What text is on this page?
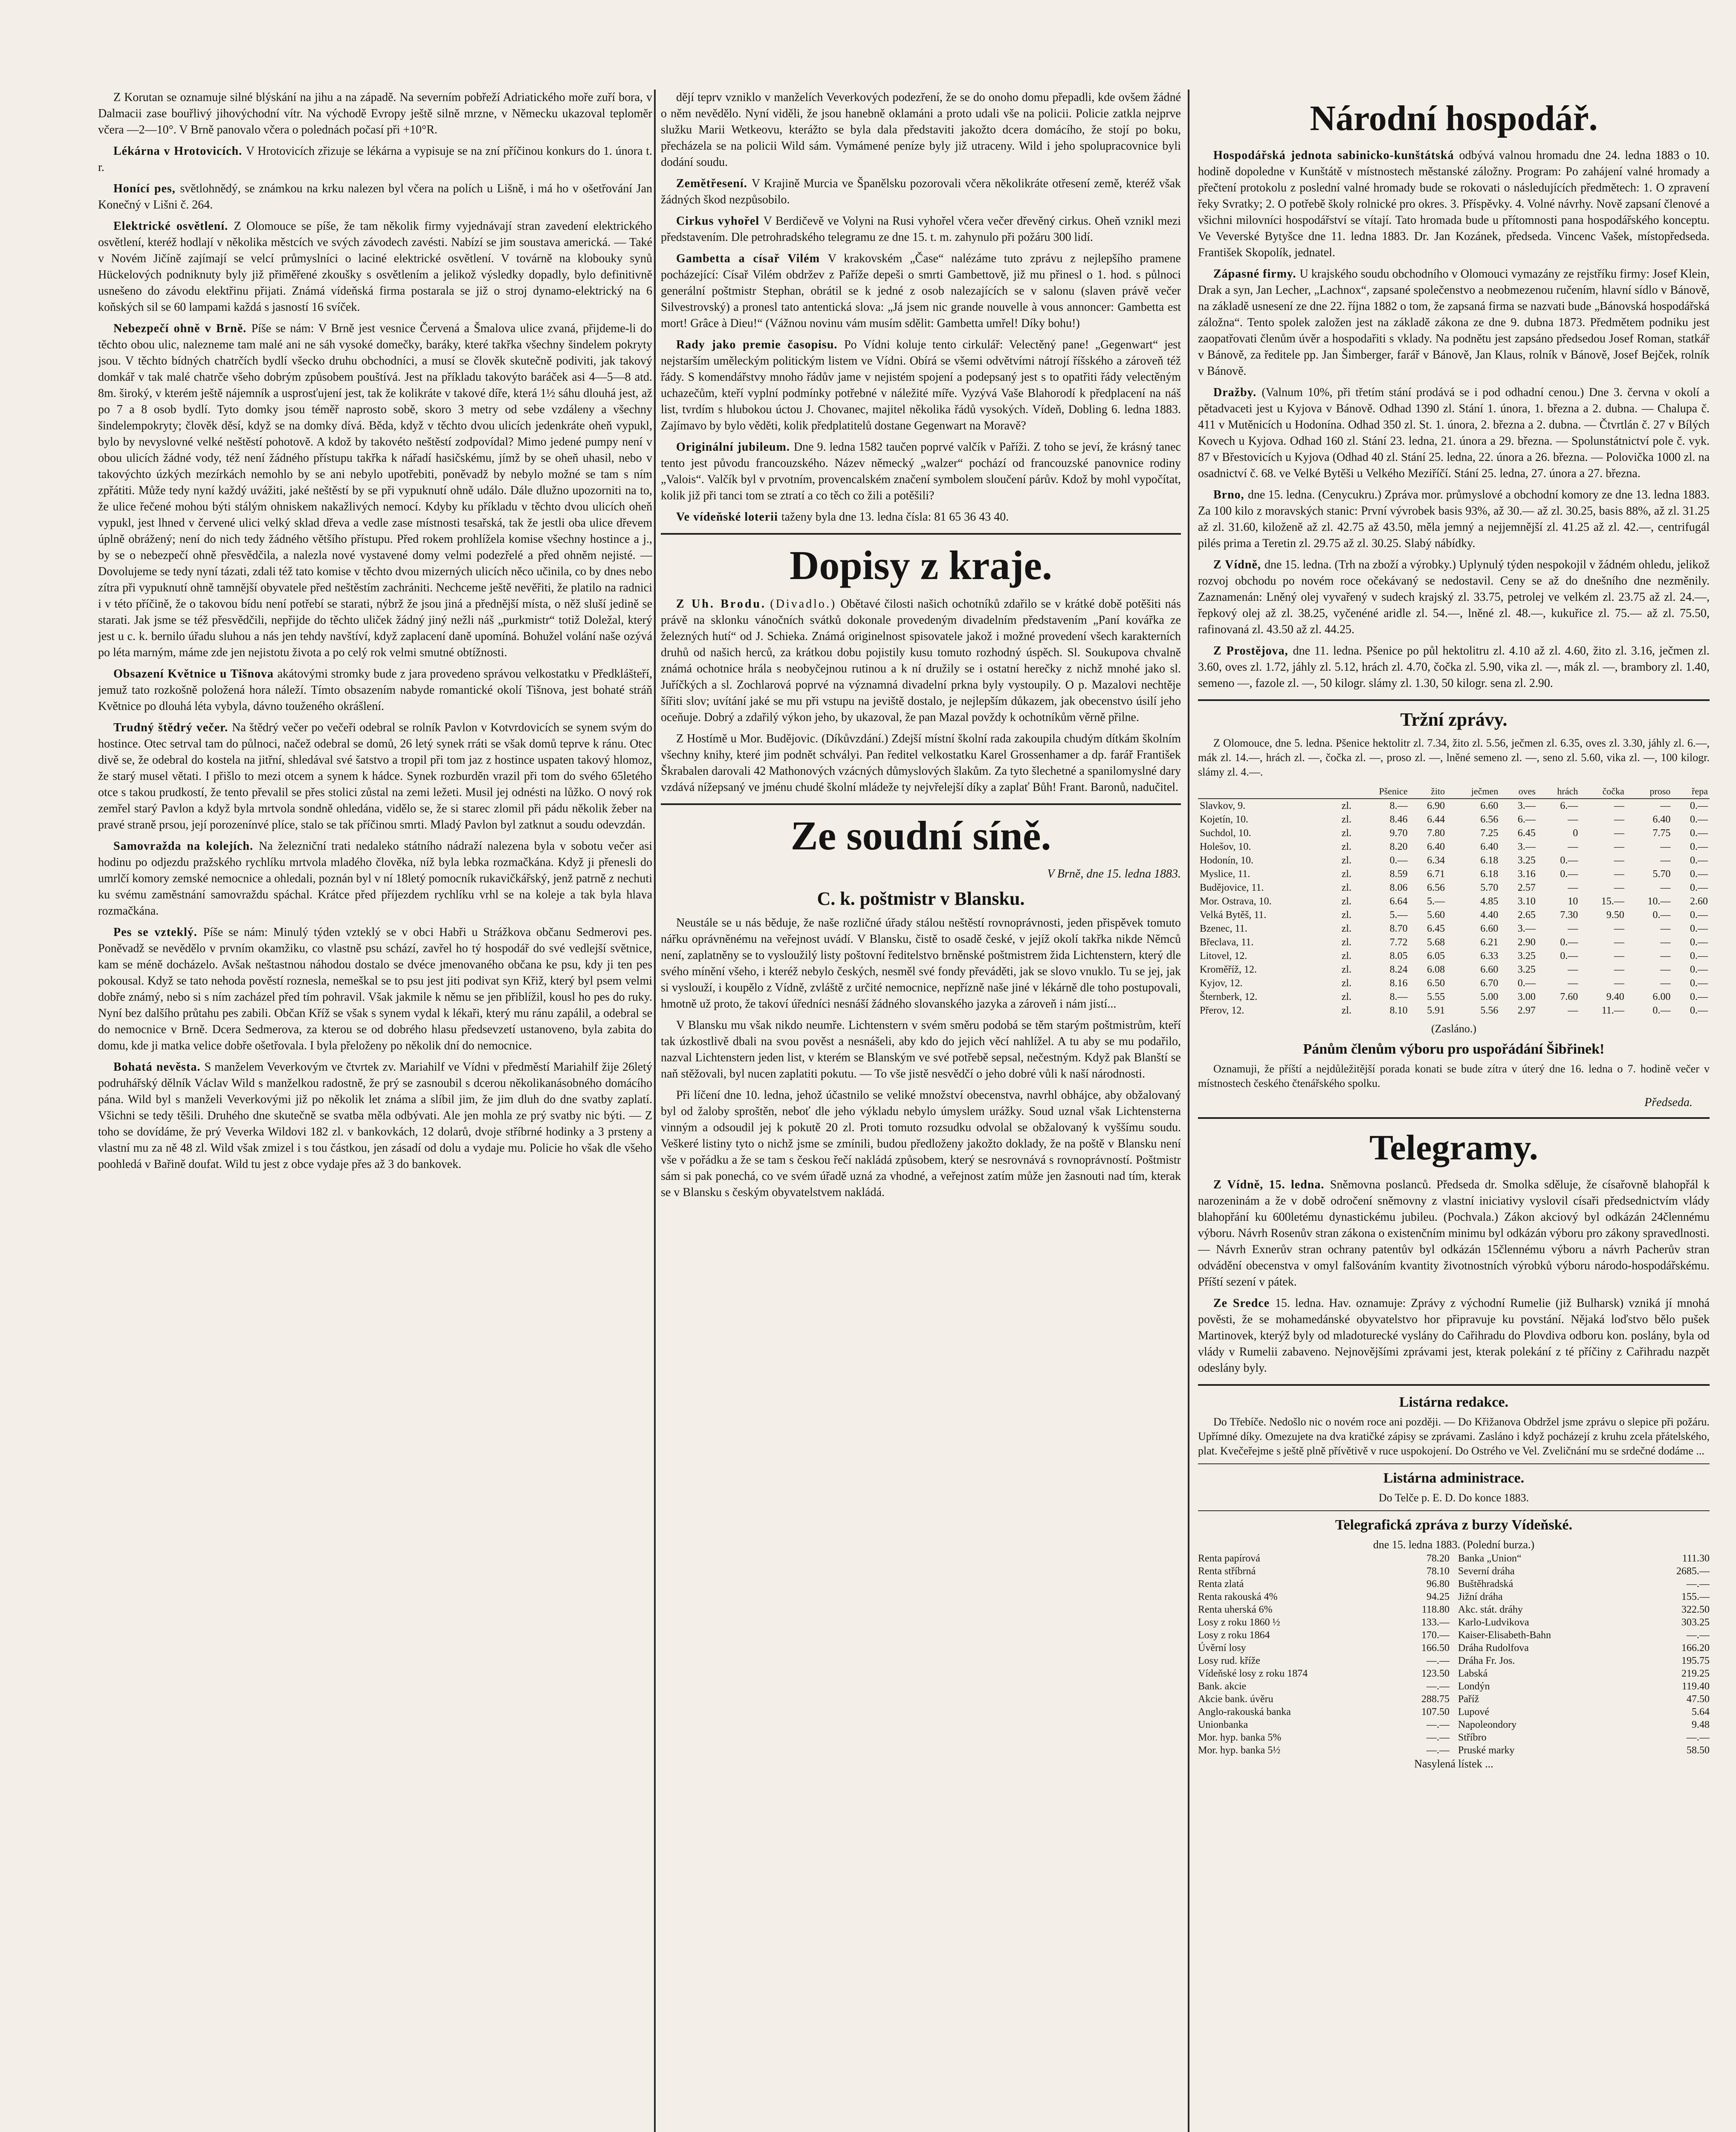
Z Korutan se oznamuje silné blýskání na jihu a na západě. Na severním pobřeží Adriatického moře zuří bora, v Dalmacii zase bouřlivý jihovýchodní vítr. Na východě Evropy ještě silně mrzne, v Německu ukazoval teploměr včera —2—10°. V Brně panovalo včera o polednách počasí při +10°R.

Lékárna v Hrotovicích. V Hrotovicích zřizuje se lékárna a vypisuje se na zní příčinou konkurs do 1. února t. r.

Honící pes, světlohnědý, se známkou na krku nalezen byl včera na polích u Lišně, i má ho v ošetřování Jan Konečný v Lišni č. 264.

Elektrické osvětlení. Z Olomouce se píše, že tam několik firmy vyjednávají stran zavedení elektrického osvětlení, kteréž hodlají v několika městcích ve svých závodech zavésti. Nabízí se jim soustava americká. — Také v Novém Jičíně zajímají se velcí průmyslníci o laciné elektrické osvětlení. V továrně na klobouky synů Hückelových podniknuty byly již přiměřené zkoušky s osvětlením a jelikož výsledky dopadly, bylo definitivně usnešeno do závodu elektřinu přijati. Známá vídeňská firma postarala se již o stroj dynamo-elektrický na 6 koňských sil se 60 lampami každá s jasností 16 svíček.

Nebezpečí ohně v Brně. Píše se nám: V Brně jest vesnice Červená a Šmalova ulice zvaná, přijdeme-li do těchto obou ulic, nalezneme tam malé ani ne sáh vysoké domečky, baráky, které takřka všechny šindelem pokryty jsou. V těchto bídných chatrčích bydlí všecko druhu obchodníci, a musí se člověk skutečně podiviti, jak takový domkář v tak malé chatrče všeho dobrým způsobem pouštívá. Jest na příkladu takovýto baráček asi 4—5—8 atd. 8m. široký, v kterém ještě nájemník a usprosťujení jest, tak že kolikráte v takové díře, která 1½ sáhu dlouhá jest, až po 7 a 8 osob bydlí. Tyto domky jsou téměř naprosto sobě, skoro 3 metry od sebe vzdáleny a všechny šindelempokryty; člověk děsí, když se na domky dívá. Běda, když v těchto dvou ulicích jedenkráte oheň vypukl, bylo by nevyslovné velké neštěstí pohotově. A kdož by takovéto neštěstí zodpovídal? Mimo jedené pumpy není v obou ulicích žádné vody, též není žádného přístupu takřka k nářadí hasičskému, jímž by se oheň uhasil, nebo v takovýchto úzkých mezírkách nemohlo by se ani nebylo upotřebiti, poněvadž by nebylo možné se tam s ním zpřátiti. Může tedy nyní každý uvážiti, jaké neštěstí by se při vypuknutí ohně událo. Dále dlužno upozorniti na to, že ulice řečené mohou býti stálým ohniskem nakažlivých nemocí. Kdyby ku příkladu v těchto dvou ulicích oheň vypukl, jest lhned v červené ulici velký sklad dřeva a vedle zase místnosti tesařská, tak že jestli oba ulice dřevem úplně obrážený; není do nich tedy žádného většího přístupu. Před rokem prohlížela komise všechny hostince a j., by se o nebezpečí ohně přesvědčila, a nalezla nové vystavené domy velmi podezřelé a před ohněm nejisté. — Dovolujeme se tedy nyní tázati, zdali též tato komise v těchto dvou mizerných ulicích něco učinila, co by dnes nebo zítra při vypuknutí ohně tamnější obyvatele před neštěstím zachrániti. Nechceme ještě nevěřiti, že platilo na radnici i v této příčině, že o takovou bídu není potřebí se starati, nýbrž že jsou jiná a přednější místa, o něž sluší jedině se starati. Jak jsme se též přesvědčili, nepřijde do těchto uliček žádný jiný nežli náš „purkmistr“ totiž Doležal, který jest u c. k. bernilo úřadu sluhou a nás jen tehdy navštíví, když zaplacení daně upomíná. Bohužel volání naše ozývá po léta marným, máme zde jen nejistotu života a po celý rok velmi smutné obtížnosti.

Obsazení Květnice u Tišnova akátovými stromky bude z jara provedeno správou velkostatku v Předklášteří, jemuž tato rozkošně položená hora náleží. Tímto obsazením nabyde romantické okolí Tišnova, jest bohaté stráň Květnice po dlouhá léta vybyla, dávno touženého okrášlení.

Trudný štědrý večer. Na štědrý večer po večeři odebral se rolník Pavlon v Kotvrdovicích se synem svým do hostince. Otec setrval tam do půlnoci, načež odebral se domů, 26 letý synek rráti se však domů teprve k ránu. Otec divě se, že odebral do kostela na jitřní, shledával své šatstvo a tropil při tom jaz z hostince uspaten takový hlomoz, že starý musel větati. I přišlo to mezi otcem a synem k hádce. Synek rozburděn vrazil při tom do svého 65letého otce s takou prudkostí, že tento převalil se přes stolici zůstal na zemi ležeti. Musil jej odnésti na lůžko. O nový rok zemřel starý Pavlon a když byla mrtvola sondně ohledána, vidělo se, že si starec zlomil při pádu několik žeber na pravé straně prsou, její porozenínvé plíce, stalo se tak příčinou smrti. Mladý Pavlon byl zatknut a soudu odevzdán.

Samovražda na kolejích. Na železniční trati nedaleko státního nádraží nalezena byla v sobotu večer asi hodinu po odjezdu pražského rychlíku mrtvola mladého člověka, níž byla lebka rozmačkána. Když ji přenesli do umrlčí komory zemské nemocnice a ohledali, poznán byl v ní 18letý pomocník rukavičkářský, jenž patrně z nechuti ku svému zaměstnání samovraždu spáchal. Krátce před příjezdem rychlíku vrhl se na koleje a tak byla hlava rozmačkána.

Pes se vzteklý. Píše se nám: Minulý týden vzteklý se v obci Habři u Strážkova občanu Sedmerovi pes. Poněvadž se nevědělo v prvním okamžiku, co vlastně psu schází, zavřel ho tý hospodář do své vedlejší světnice, kam se méně docházelo. Avšak neštastnou náhodou dostalo se dvéce jmenovaného občana ke psu, kdy ji ten pes pokousal. Když se tato nehoda pověstí roznesla, nemeškal se to psu jest jiti podivat syn Křiž, který byl psem velmi dobře známý, nebo si s ním zacházel před tím pohravil. Však jakmile k němu se jen přiblížil, kousl ho pes do ruky. Nyní bez dalšího průtahu pes zabili. Občan Kříž se však s synem vydal k lékaři, který mu ránu zapálil, a odebral se do nemocnice v Brně. Dcera Sedmerova, za kterou se od dobrého hlasu předsevzetí ustanoveno, byla zabita do domu, kde ji matka velice dobře ošetřovala. I byla přeloženy po několik dní do nemocnice.

Bohatá nevěsta. S manželem Veverkovým ve čtvrtek zv. Mariahilf ve Vídni v předměstí Mariahilf žije 26letý podruhářský dělník Václav Wild s manželkou radostně, že prý se zasnoubil s dcerou několikanásobného domácího pána. Wild byl s manželi Veverkovými již po několik let známa a slíbil jim, že jim dluh do dne svatby zaplatí. Všichni se tedy těšili. Druhého dne skutečně se svatba měla odbývati. Ale jen mohla ze prý svatby nic býti. — Z toho se dovídáme, že prý Veverka Wildovi 182 zl. v bankovkách, 12 dolarů, dvoje stříbrné hodinky a 3 prsteny a vlastní mu za ně 48 zl. Wild však zmizel i s tou částkou, jen zásadí od dolu a vydaje mu. Policie ho však dle všeho poohledá v Bařině doufat. Wild tu jest z obce vydaje přes až 3 do bankovek.

dějí teprv vzniklo v manželích Veverkových podezření, že se do onoho domu přepadli, kde ovšem žádné o něm nevědělo. Nyní viděli, že jsou hanebně oklamáni a proto udali vše na policii. Policie zatkla nejprve služku Marii Wetkeovu, kterážto se byla dala představiti jakožto dcera domácího, že stojí po boku, přecházela se na policii Wild sám. Vymámené peníze byly již utraceny. Wild i jeho spolupracovnice byli dodání soudu.

Zemětřesení. V Krajině Murcia ve Španělsku pozorovali včera několikráte otřesení země, kteréž však žádných škod nezpůsobilo.

Cirkus vyhořel V Berdičevě ve Volyni na Rusi vyhořel včera večer dřevěný cirkus. Oheň vznikl mezi představením. Dle petrohradského telegramu ze dne 15. t. m. zahynulo při požáru 300 lidí.

Gambetta a císař Vilém V krakovském „Čase“ nalézáme tuto zprávu z nejlepšího pramene pocházející: Císař Vilém obdržev z Paříže depeši o smrti Gambettově, již mu přinesl o 1. hod. s půlnoci generální poštmistr Stephan, obrátil se k jedné z osob nalezajících se v salonu (slaven právě večer Silvestrovský) a pronesl tato antentická slova: „Já jsem nic grande nouvelle à vous annoncer: Gambetta est mort! Grâce à Dieu!“ (Vážnou novinu vám musím sdělit: Gambetta umřel! Díky bohu!)

Rady jako premie časopisu. Po Vídni koluje tento cirkulář: Velectěný pane! „Gegenwart“ jest nejstarším uměleckým politickým listem ve Vídni. Obírá se všemi odvětvími nátrojí říšského a zároveň též řády. S komendářstvy mnoho řádův jame v nejistém spojení a podepsaný jest s to opatřiti řády velectěným uchazečům, kteří vyplní podmínky potřebné v náležité míře. Vyzývá Vaše Blahorodí k předplacení na náš list, tvrdím s hlubokou úctou J. Chovanec, majitel několika řádů vysokých. Vídeň, Dobling 6. ledna 1883. Zajímavo by bylo věděti, kolik předplatitelů dostane Gegenwart na Moravě?

Originální jubileum. Dne 9. ledna 1582 taučen poprvé valčík v Paříži. Z toho se jeví, že krásný tanec tento jest původu francouzského. Název německý „walzer“ pochází od francouzské panovnice rodiny „Valois“. Valčík byl v prvotním, provencalském značení symbolem sloučení párův. Kdož by mohl vypočítat, kolik již při tanci tom se ztratí a co těch co žili a potěšili?

Ve vídeňské loterii taženy byla dne 13. ledna čísla: 81 65 36 43 40.

Dopisy z kraje.

Z Uh. Brodu. (Divadlo.) Obětavé čilosti našich ochotníků zdařilo se v krátké době potěšiti nás právě na sklonku vánočních svátků dokonale provedeným divadelním představením „Paní kovářka ze železných hutí“ od J. Schieka. Známá originelnost spisovatele jakož i možné provedení všech karakterních druhů od našich herců, za krátkou dobu pojistily kusu tomuto rozhodný úspěch. Sl. Soukupova chvalně známá ochotnice hrála s neobyčejnou rutinou a k ní družily se i ostatní herečky z nichž mnohé jako sl. Juříčkých a sl. Zochlarová poprvé na významná divadelní prkna byly vystoupily. O p. Mazalovi nechtěje šířiti slov; uvítání jaké se mu při vstupu na jeviště dostalo, je nejlepším důkazem, jak obecenstvo úsilí jeho oceňuje. Dobrý a zdařilý výkon jeho, by ukazoval, že pan Mazal povždy k ochotníkům věrně přilne.

Z Hostímě u Mor. Budějovic. (Díkůvzdání.) Zdejší místní školní rada zakoupila chudým dítkám školním všechny knihy, které jim podnět schvályi. Pan ředitel velkostatku Karel Grossenhamer a dp. farář František Škrabalen darovali 42 Mathonových vzácných důmyslových šlakům. Za tyto šlechetné a spanilomyslné dary vzdává nížepsaný ve jménu chudé školní mládeže ty nejvřelejší díky a zaplať Bůh! Frant. Baronů, nadučitel.

Ze soudní síně.
V Brně, dne 15. ledna 1883.
C. k. poštmistr v Blansku.

Neustále se u nás běduje, že naše rozličné úřady stálou neštěstí rovnoprávnosti, jeden přispěvek tomuto nářku oprávněnému na veřejnost uvádí. V Blansku, čistě to osadě české, v jejíž okolí takřka nikde Němců není, zaplatněny se to vysloužilý listy poštovní ředitelstvo brněnské poštmistrem žida Lichtenstern, který dle svého mínění všeho, i kteréž nebylo českých, nesměl své fondy převáděti, jak se slovo vnuklo. Tu se jej, jak si vyslouží, i koupělo z Vídně, zvláště z určité nemocnice, nepřízně naše jiné v lékárně dle toho postupovali, hmotně už proto, že takoví úředníci nesnáší žádného slovanského jazyka a zároveň i nám jistí...

V Blansku mu však nikdo neumře. Lichtenstern v svém směru podobá se těm starým poštmistrům, kteří tak úzkostlivě dbali na svou pověst a nesnášeli, aby kdo do jejich věcí nahlížel. A tu aby se mu podařilo, nazval Lichtenstern jeden list, v kterém se Blanským ve své potřebě sepsal, nečestným. Když pak Blanští se naň stěžovali, byl nucen zaplatiti pokutu. — To vše jistě nesvědčí o jeho dobré vůli k naší národnosti.

Při líčení dne 10. ledna, jehož účastnilo se veliké množství obecenstva, navrhl obhájce, aby obžalovaný byl od žaloby sproštěn, neboť dle jeho výkladu nebylo úmyslem urážky. Soud uznal však Lichtensterna vinným a odsoudil jej k pokutě 20 zl. Proti tomuto rozsudku odvolal se obžalovaný k vyššímu soudu. Veškeré listiny tyto o nichž jsme se zmínili, budou předloženy jakožto doklady, že na poště v Blansku není vše v pořádku a že se tam s českou řečí nakládá způsobem, který se nesrovnává s rovnoprávností. Poštmistr sám si pak ponechá, co ve svém úřadě uzná za vhodné, a veřejnost zatím může jen žasnouti nad tím, kterak se v Blansku s českým obyvatelstvem nakládá.

Národní hospodář.

Hospodářská jednota sabinicko-kunštátská odbývá valnou hromadu dne 24. ledna 1883 o 10. hodině dopoledne v Kunštátě v místnostech městanské záložny. Program: Po zahájení valné hromady a přečtení protokolu z poslední valné hromady bude se rokovati o následujících předmětech: 1. O zpravení řeky Svratky; 2. O potřebě školy rolnické pro okres. 3. Příspěvky. 4. Volné návrhy. Nově zapsaní členové a všichni milovníci hospodářství se vítají. Tato hromada bude u přítomnosti pana hospodářského konceptu. Ve Veverské Bytyšce dne 11. ledna 1883. Dr. Jan Kozánek, předseda. Vincenc Vašek, místopředseda. František Skopolík, jednatel.

Zápasné firmy. U krajského soudu obchodního v Olomouci vymazány ze rejstříku firmy: Josef Klein, Drak a syn, Jan Lecher, „Lachnox“, zapsané společenstvo a neobmezenou ručením, hlavní sídlo v Bánově, na základě usnesení ze dne 22. října 1882 o tom, že zapsaná firma se nazvati bude „Bánovská hospodářská záložna“. Tento spolek založen jest na základě zákona ze dne 9. dubna 1873. Předmětem podniku jest zaopatřovati členům úvěr a hospodařiti s vklady. Na podnětu jest zapsáno předsedou Josef Roman, statkář v Bánově, za ředitele pp. Jan Šimberger, farář v Bánově, Jan Klaus, rolník v Bánově, Josef Bejček, rolník v Bánově.

Dražby. (Valnum 10%, při třetím stání prodává se i pod odhadní cenou.) Dne 3. června v okolí a pětadvaceti jest u Kyjova v Bánově. Odhad 1390 zl. Stání 1. února, 1. března a 2. dubna. — Chalupa č. 411 v Mutěnicích u Hodonína. Odhad 350 zl. St. 1. února, 2. března a 2. dubna. — Čtvrtlán č. 27 v Bílých Kovech u Kyjova. Odhad 160 zl. Stání 23. ledna, 21. února a 29. března. — Spolunstátnictví pole č. vyk. 87 v Břestovicích u Kyjova (Odhad 40 zl. Stání 25. ledna, 22. února a 26. března. — Polovička 1000 zl. na osadnictví č. 68. ve Velké Bytěši u Velkého Meziříčí. Stání 25. ledna, 27. února a 27. března.

Brno, dne 15. ledna. (Cenycukru.) Zpráva mor. průmyslové a obchodní komory ze dne 13. ledna 1883. Za 100 kilo z moravských stanic: První vývrobek basis 93%, až 30.— až zl. 30.25, basis 88%, až zl. 31.25 až zl. 31.60, kiloženě až zl. 42.75 až 43.50, měla jemný a nejjemnější zl. 41.25 až zl. 42.—, centrifugál pilés prima a Teretin zl. 29.75 až zl. 30.25. Slabý nábídky.

Z Vídně, dne 15. ledna. (Trh na zboží a výrobky.) Uplynulý týden nespokojil v žádném ohledu, jelikož rozvoj obchodu po novém roce očekávaný se nedostavil. Ceny se až do dnešního dne nezměnily. Zaznamenán: Lněný olej vyvařený v sudech krajský zl. 33.75, petrolej ve velkém zl. 23.75 až zl. 24.—, řepkový olej až zl. 38.25, vyčenéné aridle zl. 54.—, lněné zl. 48.—, kukuřice zl. 75.— až zl. 75.50, rafinovaná zl. 43.50 až zl. 44.25.

Z Prostějova, dne 11. ledna. Pšenice po půl hektolitru zl. 4.10 až zl. 4.60, žito zl. 3.16, ječmen zl. 3.60, oves zl. 1.72, jáhly zl. 5.12, hrách zl. 4.70, čočka zl. 5.90, vika zl. —, mák zl. —, brambory zl. 1.40, semeno —, fazole zl. —, 50 kilogr. slámy zl. 1.30, 50 kilogr. sena zl. 2.90.

Tržní zprávy.

Z Olomouce, dne 5. ledna. Pšenice hektolitr zl. 7.34, žito zl. 5.56, ječmen zl. 6.35, oves zl. 3.30, jáhly zl. 6.—, mák zl. 14.—, hrách zl. —, čočka zl. —, proso zl. —, lněné semeno zl. —, seno zl. 5.60, vika zl. —, 100 kilogr. slámy zl. 4.—.

		Pšenice	žito	ječmen	oves	hrách	čočka	proso	řepa
Slavkov, 9.	zl.	8.—	6.90	6.60	3.—	6.—	—	—	0.—
Kojetín, 10.	zl.	8.46	6.44	6.56	6.—	—	—	6.40	0.—
Suchdol, 10.	zl.	9.70	7.80	7.25	6.45	0	—	7.75	0.—
Holešov, 10.	zl.	8.20	6.40	6.40	3.—	—	—	—	0.—
Hodonín, 10.	zl.	0.—	6.34	6.18	3.25	0.—	—	—	0.—
Myslice, 11.	zl.	8.59	6.71	6.18	3.16	0.—	—	5.70	0.—
Budějovice, 11.	zl.	8.06	6.56	5.70	2.57	—	—	—	0.—
Mor. Ostrava, 10.	zl.	6.64	5.—	4.85	3.10	10	15.—	10.—	2.60
Velká Bytěš, 11.	zl.	5.—	5.60	4.40	2.65	7.30	9.50	0.—	0.—
Bzenec, 11.	zl.	8.70	6.45	6.60	3.—	—	—	—	0.—
Břeclava, 11.	zl.	7.72	5.68	6.21	2.90	0.—	—	—	0.—
Litovel, 12.	zl.	8.05	6.05	6.33	3.25	0.—	—	—	0.—
Kroměříž, 12.	zl.	8.24	6.08	6.60	3.25	—	—	—	0.—
Kyjov, 12.	zl.	8.16	6.50	6.70	0.—	—	—	—	0.—
Šternberk, 12.	zl.	8.—	5.55	5.00	3.00	7.60	9.40	6.00	0.—
Přerov, 12.	zl.	8.10	5.91	5.56	2.97	—	11.—	0.—	0.—
(Zasláno.)
Pánům členům výboru pro uspořádání Šibřinek!

Oznamuji, že příští a nejdůležitější porada konati se bude zítra v úterý dne 16. ledna o 7. hodině večer v místnostech českého čtenářského spolku.

Předseda.
Telegramy.

Z Vídně, 15. ledna. Sněmovna poslanců. Předseda dr. Smolka sděluje, že císařovně blahopřál k narozeninám a že v době odročení sněmovny z vlastní iniciativy vyslovil císaři předsednictvím vlády blahopřání ku 600letému dynastickému jubileu. (Pochvala.) Zákon akciový byl odkázán 24člennému výboru. Návrh Rosenův stran zákona o existenčním minimu byl odkázán výboru pro zákony spravedlnosti. — Návrh Exnerův stran ochrany patentův byl odkázán 15člennému výboru a návrh Pacherův stran odvádění obecenstva v omyl falšováním kvantity životnostních výrobků výboru národo-hospodářskému. Příští sezení v pátek.

Ze Sredce 15. ledna. Hav. oznamuje: Zprávy z východní Rumelie (již Bulharsk) vzniká jí mnohá pověsti, že se mohamedánské obyvatelstvo hor připravuje ku povstání. Nějaká loďstvo bělo pušek Martinovek, kterýž byly od mladoturecké vyslány do Cařihradu do Plovdiva odboru kon. poslány, byla od vlády v Rumelii zabaveno. Nejnovějšími zprávami jest, kterak polekání z té příčiny z Cařihradu nazpět odeslány byly.

Listárna redakce.

Do Třebíče. Nedošlo nic o novém roce ani později. — Do Křižanova Obdržel jsme zprávu o slepice při požáru. Upřímné díky. Omezujete na dva kratičké zápisy se zprávami. Zasláno i když pocházejí z kruhu zcela přátelského, plat. Kvečeřejme s ještě plně přívětivě v ruce uspokojení. Do Ostrého ve Vel. Zveličnání mu se srdečné dodáme ...

Listárna administrace.
Do Telče p. E. D. Do konce 1883.
Telegrafická zpráva z burzy Vídeňské.
dne 15. ledna 1883. (Polední burza.)
Renta papírová	78.20
Renta stříbrná	78.10
Renta zlatá	96.80
Renta rakouská 4%	94.25
Renta uherská 6%	118.80
Losy z roku 1860 ½	133.—
Losy z roku 1864	170.—
Úvěrní losy	166.50
Losy rud. kříže	—.—
Vídeňské losy z roku 1874	123.50
Bank. akcie	—.—
Akcie bank. úvěru	288.75
Anglo-rakouská banka	107.50
Unionbanka	—.—
Mor. hyp. banka 5%	—.—
Mor. hyp. banka 5½	—.—
Banka „Union“	111.30
Severní dráha	2685.—
Buštěhradská	—.—
Jižní dráha	155.—
Akc. stát. dráhy	322.50
Karlo-Ludvikova	303.25
Kaiser-Elisabeth-Bahn	—.—
Dráha Rudolfova	166.20
Dráha Fr. Jos.	195.75
Labská	219.25
Londýn	119.40
Paříž	47.50
Lupové	5.64
Napoleondory	9.48
Stříbro	—.—
Pruské marky	58.50
Nasylená lístek ...
